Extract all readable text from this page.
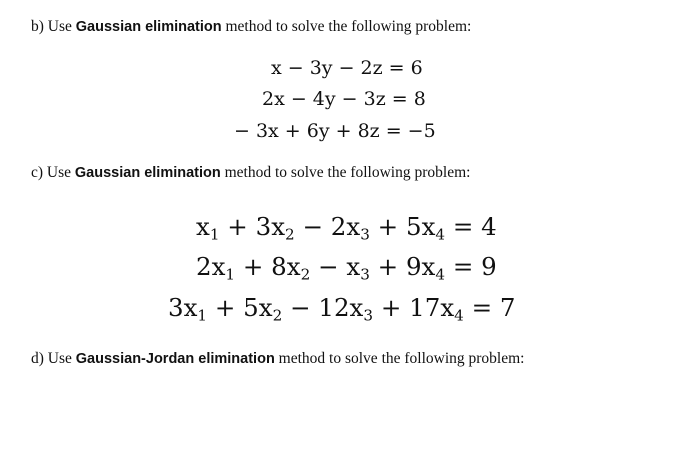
b) Use Gaussian elimination method to solve the following problem:
x − 3y − 2z = 6
2x − 4y − 3z = 8
− 3x + 6y + 8z = −5
c) Use Gaussian elimination method to solve the following problem:
$x_1 + 3x_2 - 2x_3 + 5x_4 = 4$
$2x_1 + 8x_2 - x_3 + 9x_4 = 9$
$3x_1 + 5x_2 - 12x_3 + 17x_4 = 7$
d) Use Gaussian-Jordan elimination method to solve the following problem:
